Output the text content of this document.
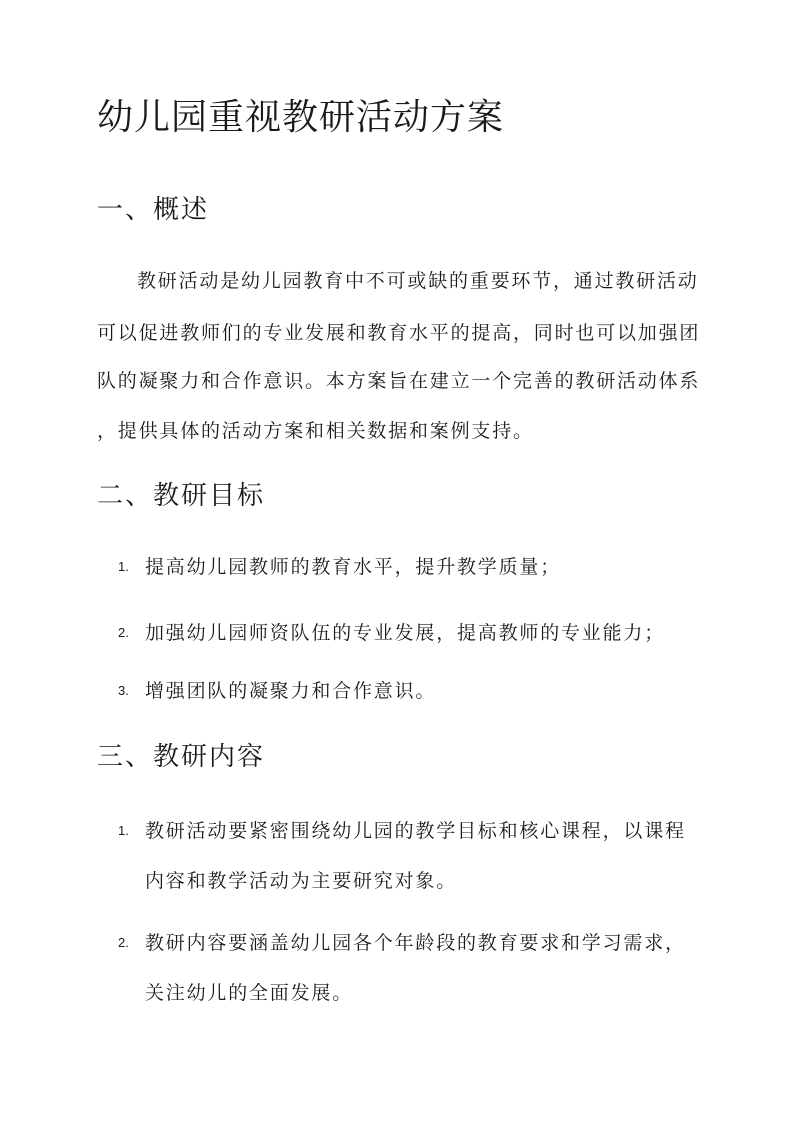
幼儿园重视教研活动方案
一、概述
教研活动是幼儿园教育中不可或缺的重要环节，通过教研活动
可以促进教师们的专业发展和教育水平的提高，同时也可以加强团
队的凝聚力和合作意识。本方案旨在建立一个完善的教研活动体系
，提供具体的活动方案和相关数据和案例支持。
二、教研目标
1. 提高幼儿园教师的教育水平，提升教学质量；
2. 加强幼儿园师资队伍的专业发展，提高教师的专业能力；
3. 增强团队的凝聚力和合作意识。
三、教研内容
1. 教研活动要紧密围绕幼儿园的教学目标和核心课程，以课程
内容和教学活动为主要研究对象。
2. 教研内容要涵盖幼儿园各个年龄段的教育要求和学习需求，
关注幼儿的全面发展。
